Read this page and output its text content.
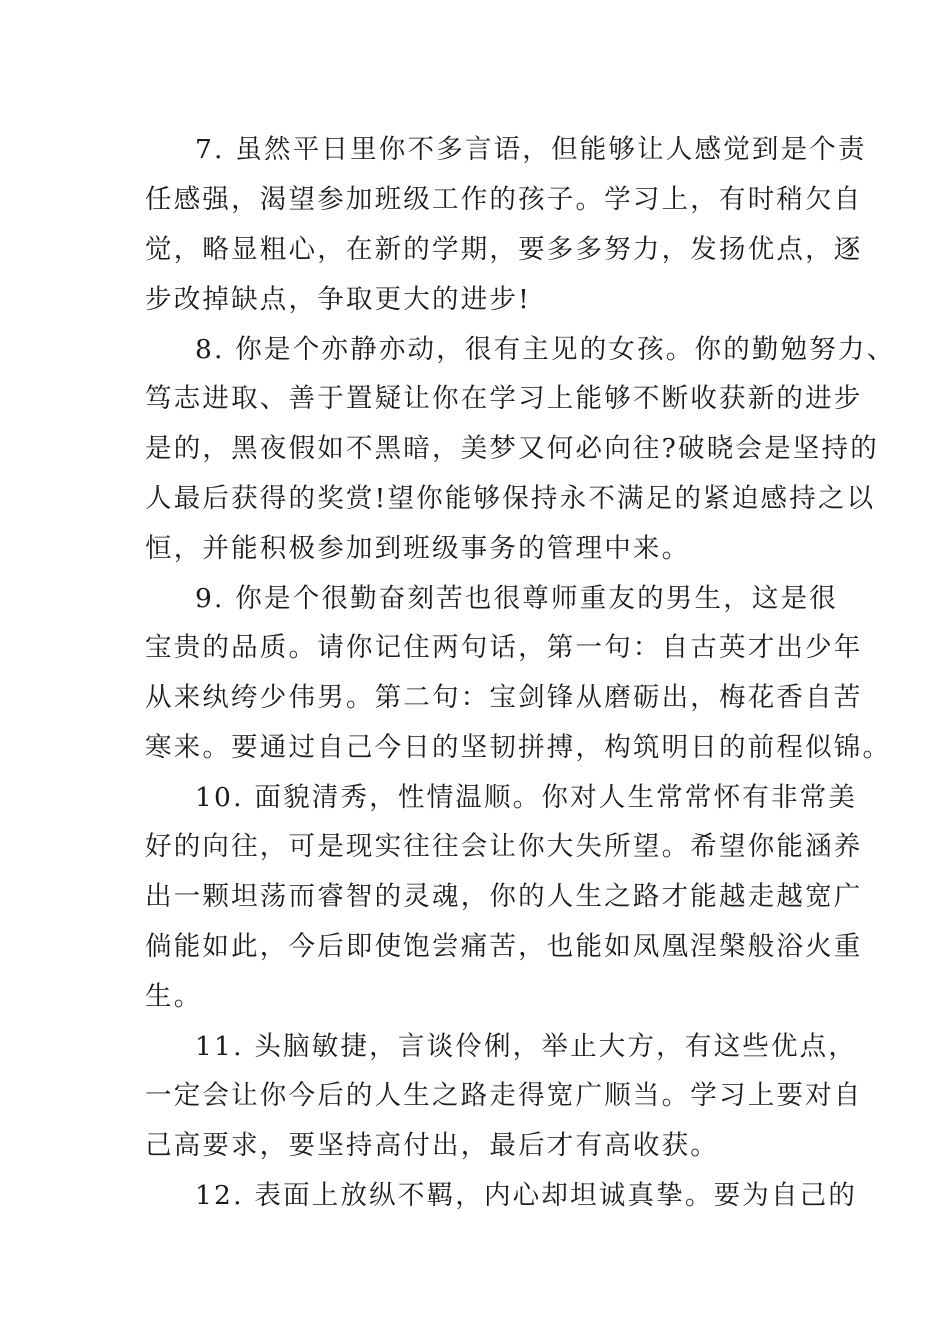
7. 虽然平日里你不多言语，但能够让人感觉到是个责
任感强，渴望参加班级工作的孩子。学习上，有时稍欠自
觉，略显粗心，在新的学期，要多多努力，发扬优点，逐
步改掉缺点，争取更大的进步!
8. 你是个亦静亦动，很有主见的女孩。你的勤勉努力、
笃志进取、善于置疑让你在学习上能够不断收获新的进步
是的，黑夜假如不黑暗，美梦又何必向往?破晓会是坚持的
人最后获得的奖赏!望你能够保持永不满足的紧迫感持之以
恒，并能积极参加到班级事务的管理中来。
9. 你是个很勤奋刻苦也很尊师重友的男生，这是很
宝贵的品质。请你记住两句话，第一句：自古英才出少年
从来纨绔少伟男。第二句：宝剑锋从磨砺出，梅花香自苦
寒来。要通过自己今日的坚韧拼搏，构筑明日的前程似锦。
10. 面貌清秀，性情温顺。你对人生常常怀有非常美
好的向往，可是现实往往会让你大失所望。希望你能涵养
出一颗坦荡而睿智的灵魂，你的人生之路才能越走越宽广
倘能如此，今后即使饱尝痛苦，也能如凤凰涅槃般浴火重
生。
11. 头脑敏捷，言谈伶俐，举止大方，有这些优点，
一定会让你今后的人生之路走得宽广顺当。学习上要对自
己高要求，要坚持高付出，最后才有高收获。
12. 表面上放纵不羁，内心却坦诚真挚。要为自己的
